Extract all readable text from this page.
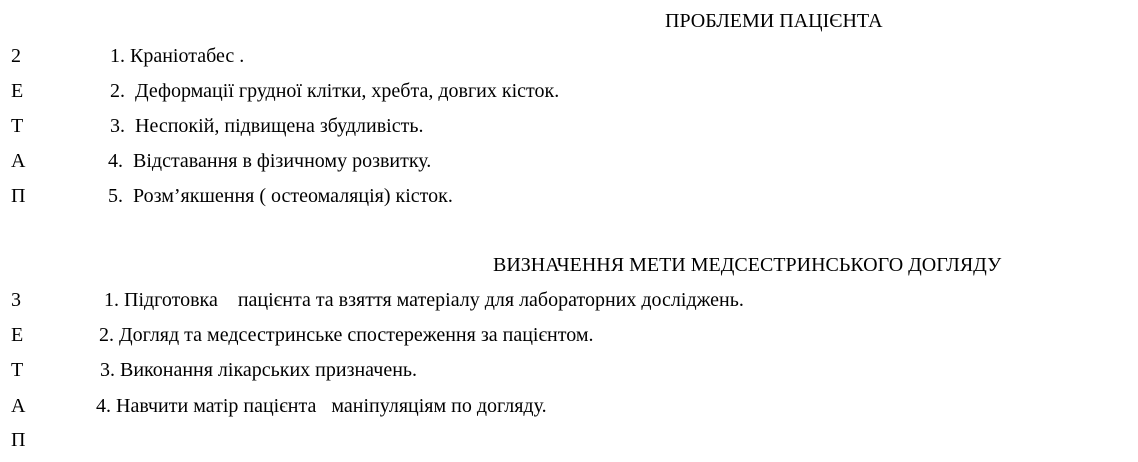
ПРОБЛЕМИ ПАЦІЄНТА
2
Е
Т
А
П
1. Краніотабес .
2.  Деформації грудної клітки, хребта, довгих кісток.
3.  Неспокій, підвищена збудливість.
4.  Відставання в фізичному розвитку.
5.  Розм’якшення ( остеомаляція) кісток.
ВИЗНАЧЕННЯ МЕТИ МЕДСЕСТРИНСЬКОГО ДОГЛЯДУ
3
Е
Т
А
П
1. Підготовка    пацієнта та взяття матеріалу для лабораторних досліджень.
2. Догляд та медсестринське спостереження за пацієнтом.
3. Виконання лікарських призначень.
4. Навчити матір пацієнта   маніпуляціям по догляду.
